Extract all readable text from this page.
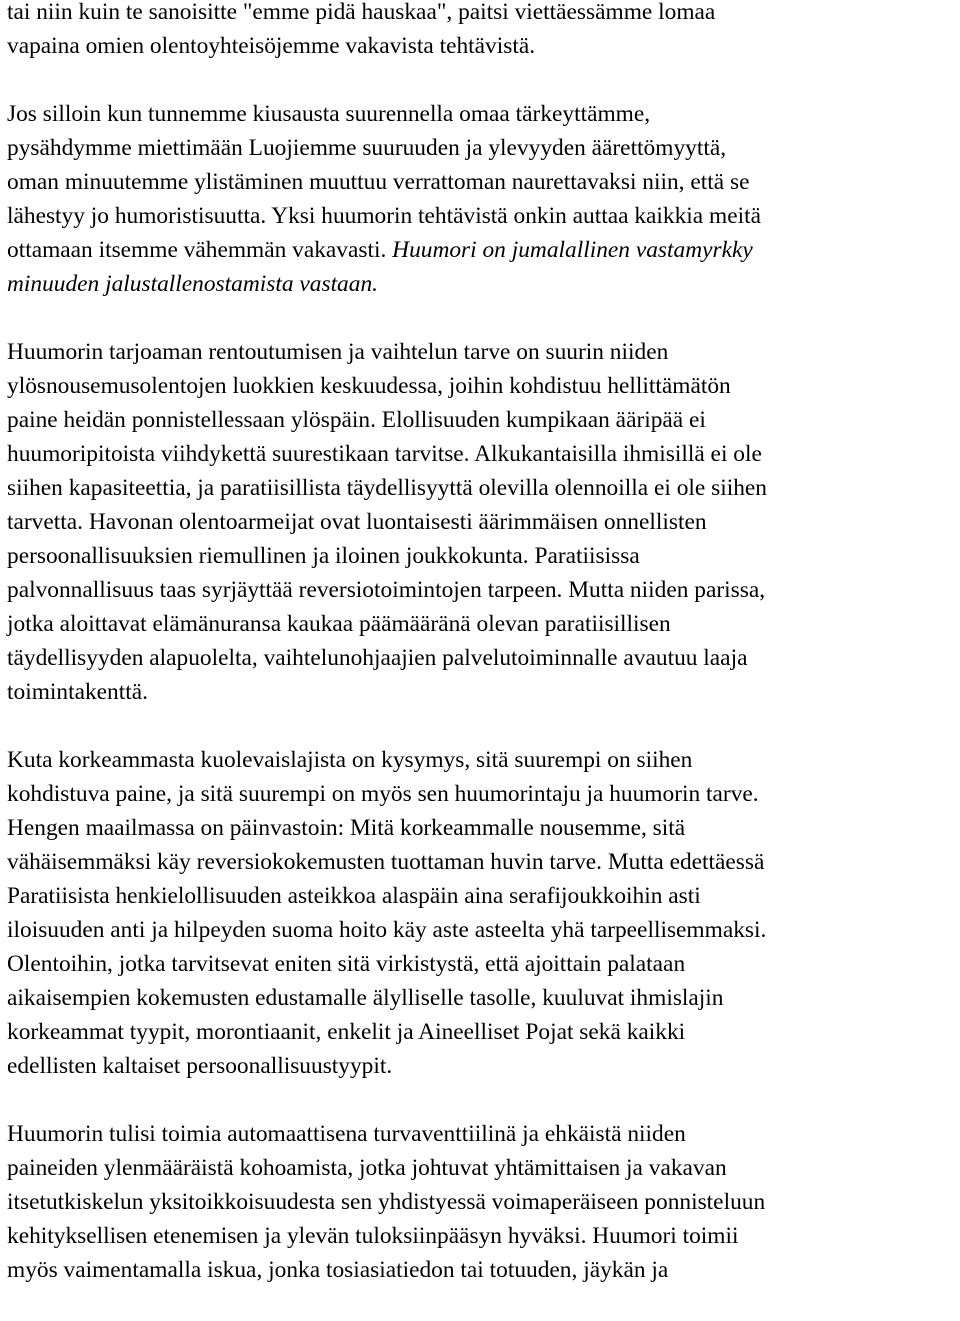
tai niin kuin te sanoisitte "emme pidä hauskaa", paitsi viettäessämme lomaa
vapaina omien olentoyhteisöjemme vakavista tehtävistä.
Jos silloin kun tunnemme kiusausta suurennella omaa tärkeyttämme,
pysähdymme miettimään Luojiemme suuruuden ja ylevyyden äärettömyyttä,
oman minuutemme ylistäminen muuttuu verrattoman naurettavaksi niin, että se
lähestyy jo humoristisuutta. Yksi huumorin tehtävistä onkin auttaa kaikkia meitä
ottamaan itsemme vähemmän vakavasti. Huumori on jumalallinen vastamyrkky
minuuden jalustallenostamista vastaan.
Huumorin tarjoaman rentoutumisen ja vaihtelun tarve on suurin niiden
ylösnousemusolentojen luokkien keskuudessa, joihin kohdistuu hellittämätön
paine heidän ponnistellessaan ylöspäin. Elollisuuden kumpikaan ääripää ei
huumoripitoista viihdykettä suurestikaan tarvitse. Alkukantaisilla ihmisillä ei ole
siihen kapasiteettia, ja paratiisillista täydellisyyttä olevilla olennoilla ei ole siihen
tarvetta. Havonan olentoarmeijat ovat luontaisesti äärimmäisen onnellisten
persoonallisuuksien riemullinen ja iloinen joukkokunta. Paratiisissa
palvonnallisuus taas syrjäyttää reversiotoimintojen tarpeen. Mutta niiden parissa,
jotka aloittavat elämänuransa kaukaa päämääränä olevan paratiisillisen
täydellisyyden alapuolelta, vaihtelunohjaajien palvelutoiminnalle avautuu laaja
toimintakenttä.
Kuta korkeammasta kuolevaislajista on kysymys, sitä suurempi on siihen
kohdistuva paine, ja sitä suurempi on myös sen huumorintaju ja huumorin tarve.
Hengen maailmassa on päinvastoin: Mitä korkeammalle nousemme, sitä
vähäisemmäksi käy reversiokokemusten tuottaman huvin tarve. Mutta edettäessä
Paratiisista henkielollisuuden asteikkoa alaspäin aina serafijoukkoihin asti
iloisuuden anti ja hilpeyden suoma hoito käy aste asteelta yhä tarpeellisemmaksi.
Olentoihin, jotka tarvitsevat eniten sitä virkistystä, että ajoittain palataan
aikaisempien kokemusten edustamalle älylliselle tasolle, kuuluvat ihmislajin
korkeammat tyypit, morontiaanit, enkelit ja Aineelliset Pojat sekä kaikki
edellisten kaltaiset persoonallisuustyypit.
Huumorin tulisi toimia automaattisena turvaventtiilinä ja ehkäistä niiden
paineiden ylenmääräistä kohoamista, jotka johtuvat yhtämittaisen ja vakavan
itsetutkiskelun yksitoikkoisuudesta sen yhdistyessä voimaperäiseen ponnisteluun
kehityksellisen etenemisen ja ylevän tuloksiinpääsyn hyväksi. Huumori toimii
myös vaimentamalla iskua, jonka tosiasiatiedon tai totuuden, jäykän ja
